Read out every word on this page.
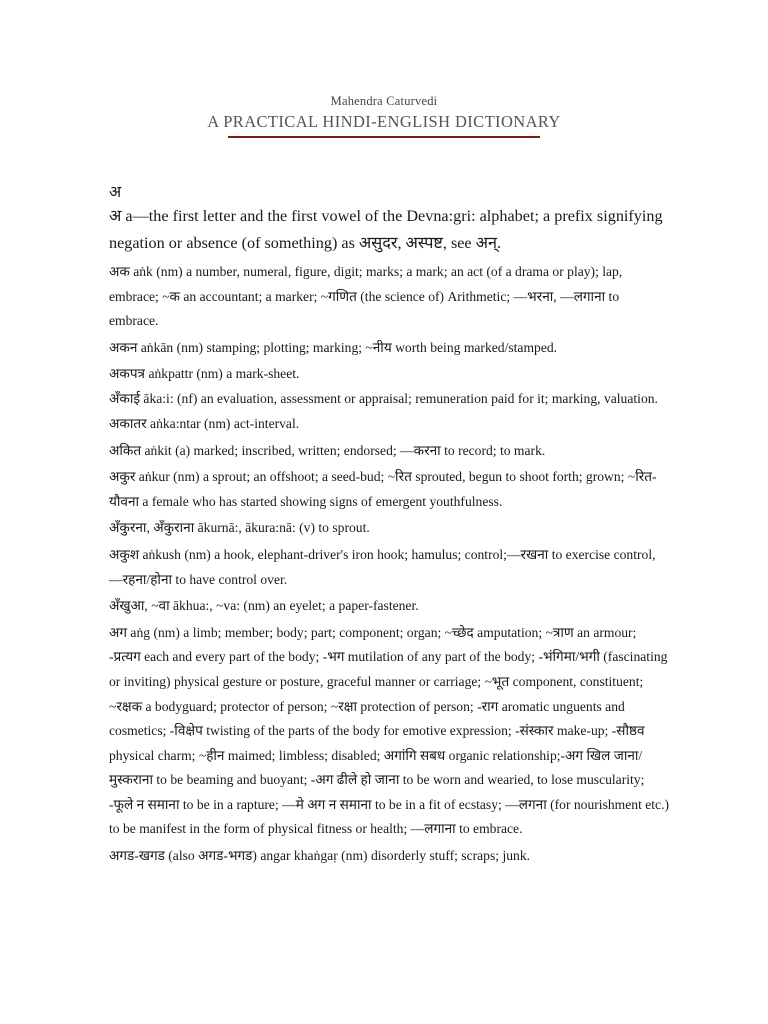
Mahendra Caturvedi
A PRACTICAL HINDI-ENGLISH DICTIONARY
अ

अ a—the first letter and the first vowel of the Devna:gri: alphabet; a prefix signifying negation or absence (of something) as असुदर, अस्पष्ट, see अन्.

अक aṅk (nm) a number, numeral, figure, digit; marks; a mark; an act (of a drama or play); lap, embrace; ~क an accountant; a marker; ~गणित (the science of) Arithmetic; —भरना, —लगाना to embrace.

अकन aṅkān (nm) stamping; plotting; marking; ~नीय worth being marked/stamped.

अकपत्र aṅkpattr (nm) a mark-sheet.

अँकाई āka:i: (nf) an evaluation, assessment or appraisal; remuneration paid for it; marking, valuation.

अकातर aṅka:ntar (nm) act-interval.

अकित aṅkit (a) marked; inscribed, written; endorsed; —करना to record; to mark.

अकुर aṅkur (nm) a sprout; an offshoot; a seed-bud; ~रित sprouted, begun to shoot forth; grown; ~रित-यौवना a female who has started showing signs of emergent youthfulness.

अँकुरना, अँकुराना ākurnā:, ākura:nā: (v) to sprout.

अकुश aṅkush (nm) a hook, elephant-driver's iron hook; hamulus; control;—रखना to exercise control, —रहना/होना to have control over.

अँखुआ, ~वा ākhua:, ~va: (nm) an eyelet; a paper-fastener.

अग aṅg (nm) a limb; member; body; part; component; organ; ~च्छेद amputation; ~त्राण an armour; -प्रत्यग each and every part of the body; -भग mutilation of any part of the body; -भंगिमा/भगी (fascinating or inviting) physical gesture or posture, graceful manner or carriage; ~भूत component, constituent; ~रक्षक a bodyguard; protector of person; ~रक्षा protection of person; -राग aromatic unguents and cosmetics; -विक्षेप twisting of the parts of the body for emotive expression; -संस्कार make-up; -सौष्ठव physical charm; ~हीन maimed; limbless; disabled; अगांगि सबध organic relationship;-अग खिल जाना/मुस्कराना to be beaming and buoyant; -अग ढीले हो जाना to be worn and wearied, to lose muscularity; -फूले न समाना to be in a rapture; —मे अग न समाना to be in a fit of ecstasy; —लगना (for nourishment etc.) to be manifest in the form of physical fitness or health; —लगाना to embrace.

अगड-खगड (also अगड-भगड) angar khaṅgaṛ (nm) disorderly stuff; scraps; junk.
